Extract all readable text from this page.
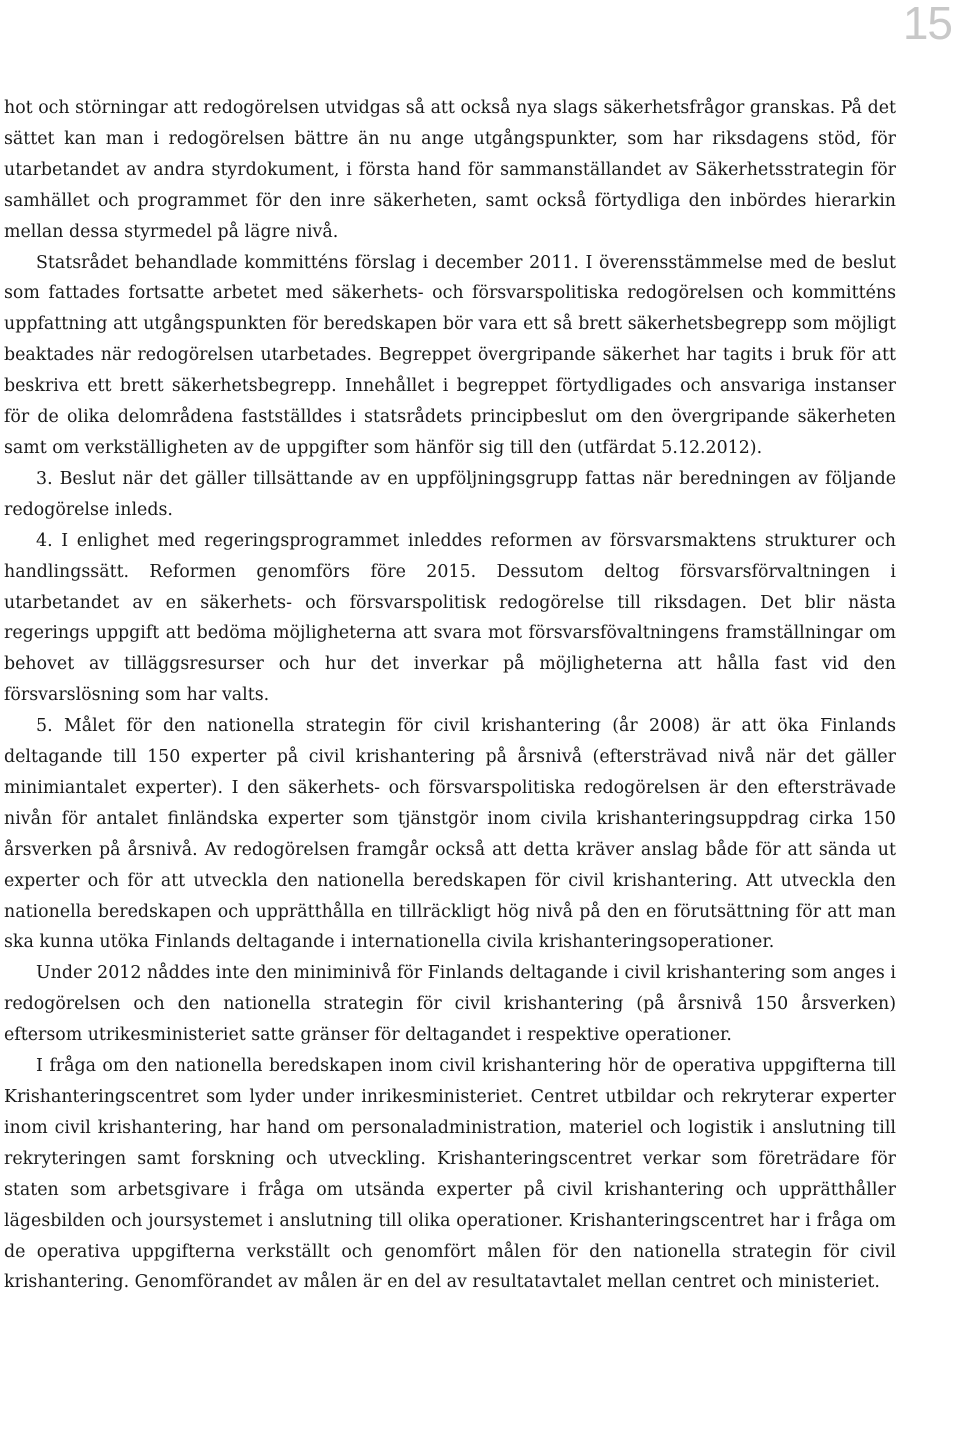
15

hot och störningar att redogörelsen utvidgas så att också nya slags säkerhetsfrågor granskas. På det sättet kan man i redogörelsen bättre än nu ange utgångspunkter, som har riksdagens stöd, för utarbetandet av andra styrdokument, i första hand för sammanställandet av Säkerhetsstrategin för samhället och programmet för den inre säkerheten, samt också förtydliga den inbördes hierarkin mellan dessa styrmedel på lägre nivå.

Statsrådet behandlade kommitténs förslag i december 2011. I överensstämmelse med de beslut som fattades fortsatte arbetet med säkerhets- och försvarspolitiska redogörelsen och kommitténs uppfattning att utgångspunkten för beredskapen bör vara ett så brett säkerhetsbegrepp som möjligt beaktades när redogörelsen utarbetades. Begreppet övergripande säkerhet har tagits i bruk för att beskriva ett brett säkerhetsbegrepp. Innehållet i begreppet förtydligades och ansvariga instanser för de olika delområdena fastställdes i statsrådets principbeslut om den övergripande säkerheten samt om verkställigheten av de uppgifter som hänför sig till den (utfärdat 5.12.2012).

3. Beslut när det gäller tillsättande av en uppföljningsgrupp fattas när beredningen av följande redogörelse inleds.

4. I enlighet med regeringsprogrammet inleddes reformen av försvarsmaktens strukturer och handlingssätt. Reformen genomförs före 2015. Dessutom deltog försvarsförvaltningen i utarbetandet av en säkerhets- och försvarspolitisk redogörelse till riksdagen. Det blir nästa regerings uppgift att bedöma möjligheterna att svara mot försvarsfövaltningens framställningar om behovet av tilläggsresurser och hur det inverkar på möjligheterna att hålla fast vid den försvarslösning som har valts.

5. Målet för den nationella strategin för civil krishantering (år 2008) är att öka Finlands deltagande till 150 experter på civil krishantering på årsnivå (eftersträvad nivå när det gäller minimiantalet experter). I den säkerhets- och försvarspolitiska redogörelsen är den eftersträvade nivån för antalet finländska experter som tjänstgör inom civila krishanteringsuppdrag cirka 150 årsverken på årsnivå. Av redogörelsen framgår också att detta kräver anslag både för att sända ut experter och för att utveckla den nationella beredskapen för civil krishantering. Att utveckla den nationella beredskapen och upprätthålla en tillräckligt hög nivå på den en förutsättning för att man ska kunna utöka Finlands deltagande i internationella civila krishanteringsoperationer.

Under 2012 nåddes inte den miniminivå för Finlands deltagande i civil krishantering som anges i redogörelsen och den nationella strategin för civil krishantering (på årsnivå 150 årsverken) eftersom utrikesministeriet satte gränser för deltagandet i respektive operationer.

I fråga om den nationella beredskapen inom civil krishantering hör de operativa uppgifterna till Krishanteringscentret som lyder under inrikesministeriet. Centret utbildar och rekryterar experter inom civil krishantering, har hand om personaladministration, materiel och logistik i anslutning till rekryteringen samt forskning och utveckling. Krishanteringscentret verkar som företrädare för staten som arbetsgivare i fråga om utsända experter på civil krishantering och upprätthåller lägesbilden och joursystemet i anslutning till olika operationer. Krishanteringscentret har i fråga om de operativa uppgifterna verkställt och genomfört målen för den nationella strategin för civil krishantering. Genomförandet av målen är en del av resultatavtalet mellan centret och ministeriet.
